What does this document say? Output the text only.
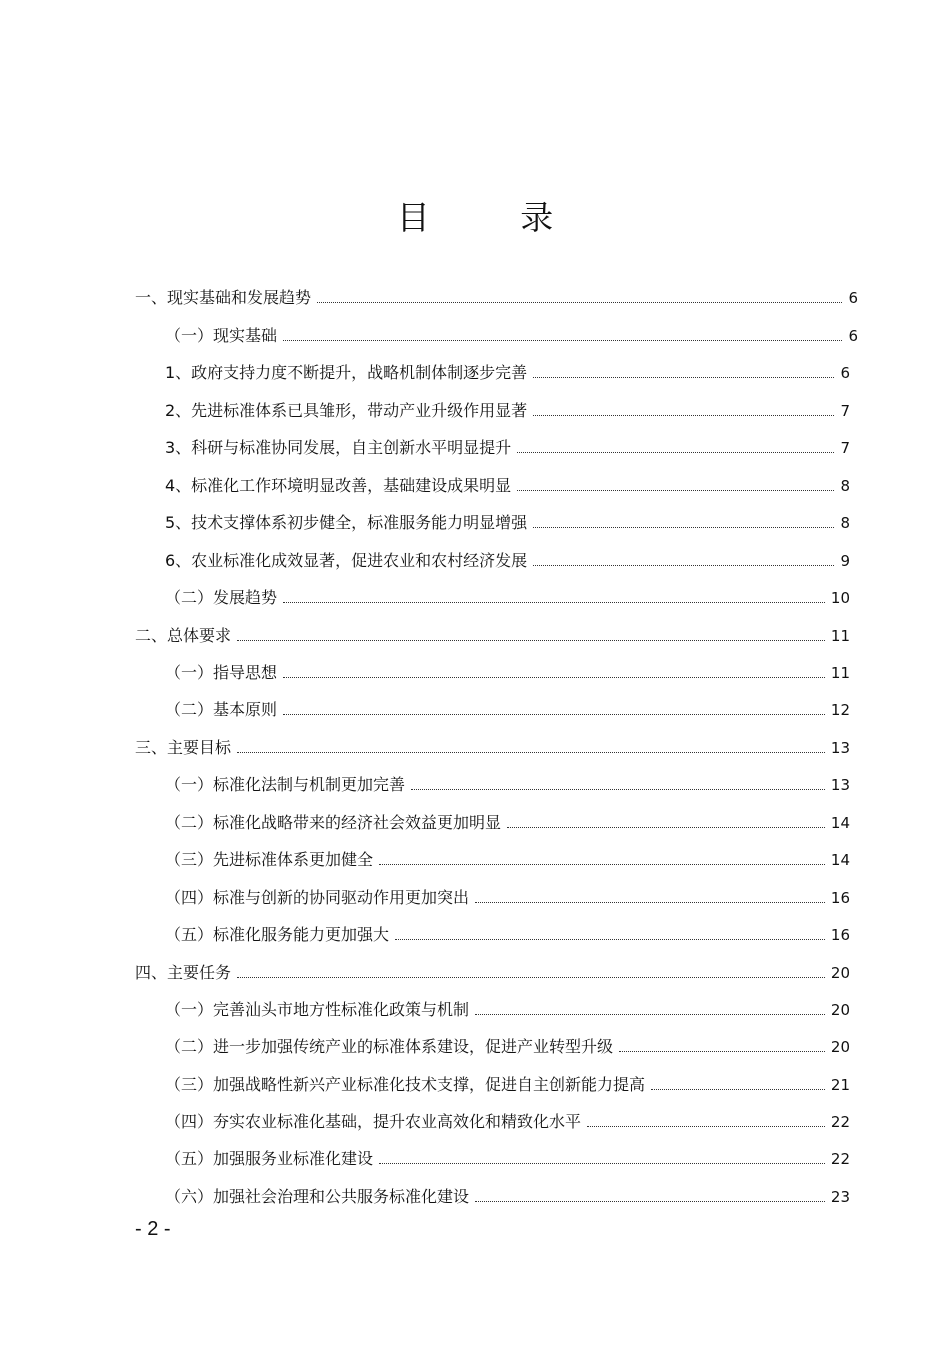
目 录
一、现实基础和发展趋势	6
（一）现实基础	6
1、政府支持力度不断提升，战略机制体制逐步完善	6
2、先进标准体系已具雏形，带动产业升级作用显著	7
3、科研与标准协同发展，自主创新水平明显提升	7
4、标准化工作环境明显改善，基础建设成果明显	8
5、技术支撑体系初步健全，标准服务能力明显增强	8
6、农业标准化成效显著，促进农业和农村经济发展	9
（二）发展趋势	10
二、总体要求	11
（一）指导思想	11
（二）基本原则	12
三、主要目标	13
（一）标准化法制与机制更加完善	13
（二）标准化战略带来的经济社会效益更加明显	14
（三）先进标准体系更加健全	14
（四）标准与创新的协同驱动作用更加突出	16
（五）标准化服务能力更加强大	16
四、主要任务	20
（一）完善汕头市地方性标准化政策与机制	20
（二）进一步加强传统产业的标准体系建设，促进产业转型升级	20
（三）加强战略性新兴产业标准化技术支撑，促进自主创新能力提高	21
（四）夯实农业标准化基础，提升农业高效化和精致化水平	22
（五）加强服务业标准化建设	22
（六）加强社会治理和公共服务标准化建设	23
- 2 -
